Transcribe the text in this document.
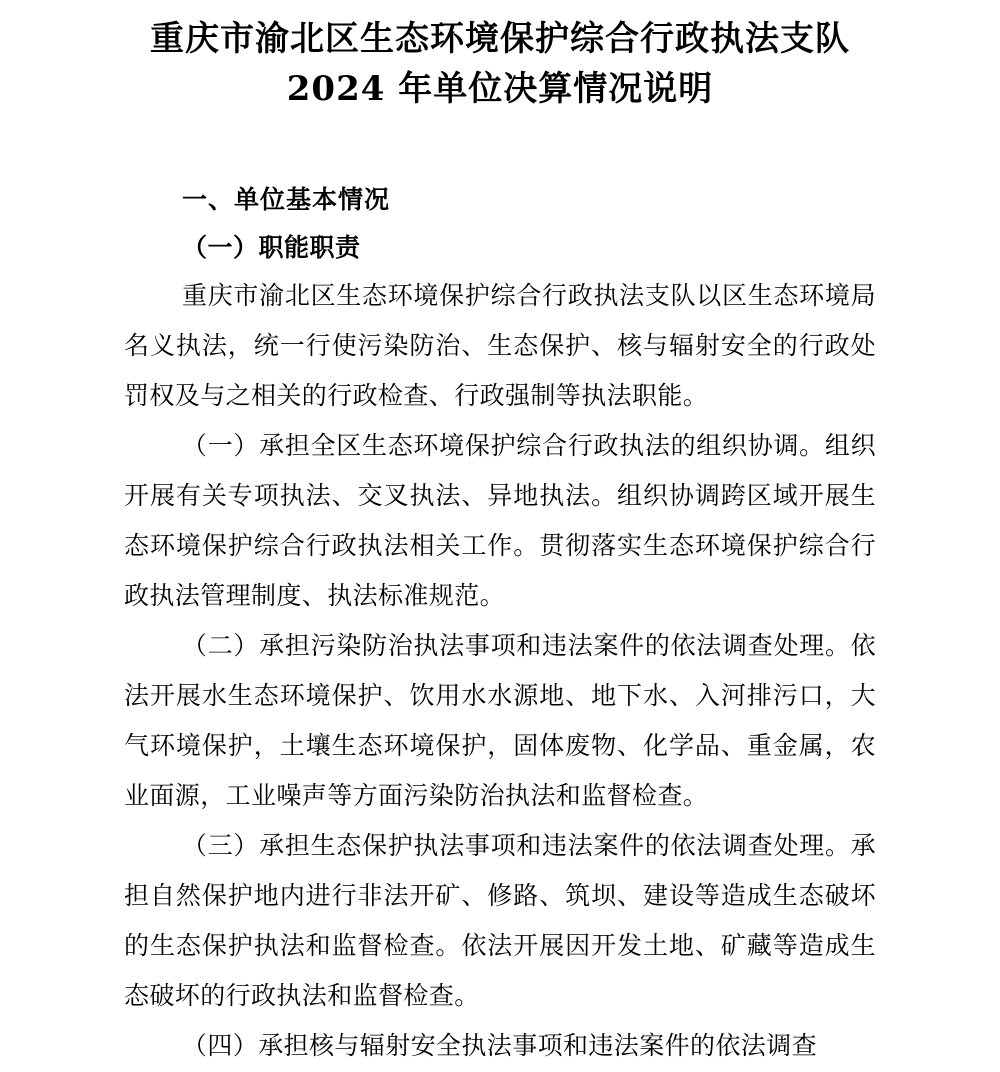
重庆市渝北区生态环境保护综合行政执法支队
2024 年单位决算情况说明
一、单位基本情况
（一）职能职责

重庆市渝北区生态环境保护综合行政执法支队以区生态环境局名义执法，统一行使污染防治、生态保护、核与辐射安全的行政处罚权及与之相关的行政检查、行政强制等执法职能。

（一）承担全区生态环境保护综合行政执法的组织协调。组织开展有关专项执法、交叉执法、异地执法。组织协调跨区域开展生态环境保护综合行政执法相关工作。贯彻落实生态环境保护综合行政执法管理制度、执法标准规范。

（二）承担污染防治执法事项和违法案件的依法调查处理。依法开展水生态环境保护、饮用水水源地、地下水、入河排污口，大气环境保护，土壤生态环境保护，固体废物、化学品、重金属，农业面源，工业噪声等方面污染防治执法和监督检查。

（三）承担生态保护执法事项和违法案件的依法调查处理。承担自然保护地内进行非法开矿、修路、筑坝、建设等造成生态破坏的生态保护执法和监督检查。依法开展因开发土地、矿藏等造成生态破坏的行政执法和监督检查。

（四）承担核与辐射安全执法事项和违法案件的依法调查
